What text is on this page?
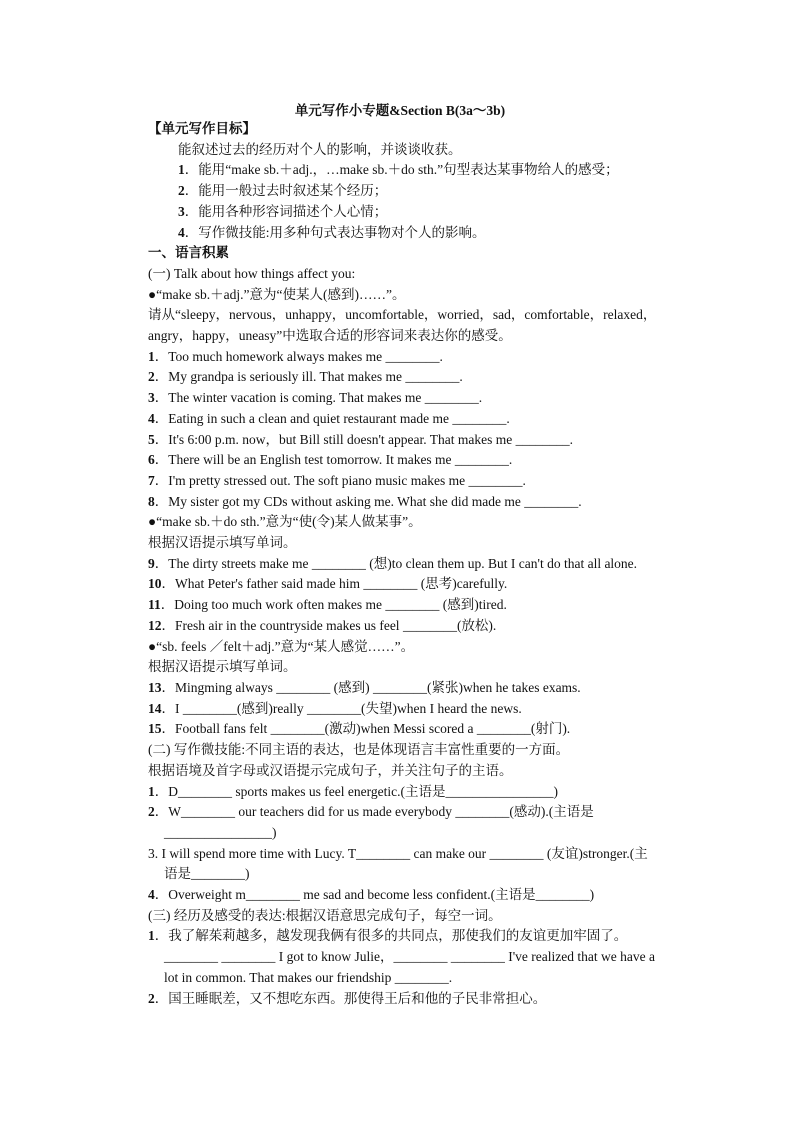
单元写作小专题&Section B(3a～3b)
【单元写作目标】
能叙述过去的经历对个人的影响，并谈谈收获。
1．能用“make sb.＋adj.，…make sb.＋do sth.”句型表达某事物给人的感受；
2．能用一般过去时叙述某个经历；
3．能用各种形容词描述个人心情；
4．写作微技能:用多种句式表达事物对个人的影响。
一、语言积累
(一) Talk about how things affect you:
●“make sb.＋adj.”意为“使某人(感到)……”。
请从“sleepy，nervous，unhappy，uncomfortable，worried，sad，comfortable，relaxed，
angry，happy，uneasy”中选取合适的形容词来表达你的感受。
1．Too much homework always makes me ________.
2．My grandpa is seriously ill. That makes me ________.
3．The winter vacation is coming. That makes me ________.
4．Eating in such a clean and quiet restaurant made me ________.
5．It's 6:00 p.m. now，but Bill still doesn't appear. That makes me ________.
6．There will be an English test tomorrow. It makes me ________.
7．I'm pretty stressed out. The soft piano music makes me ________.
8．My sister got my CDs without asking me. What she did made me ________.
●“make sb.＋do sth.”意为“使(令)某人做某事”。
根据汉语提示填写单词。
9．The dirty streets make me ________ (想)to clean them up. But I can't do that all alone.
10．What Peter's father said made him ________ (思考)carefully.
11．Doing too much work often makes me ________ (感到)tired.
12．Fresh air in the countryside makes us feel ________(放松).
●“sb. feels ／felt＋adj.”意为“某人感觉……”。
根据汉语提示填写单词。
13．Mingming always ________ (感到) ________(紧张)when he takes exams.
14．I ________(感到)really ________(失望)when I heard the news.
15．Football fans felt ________(激动)when Messi scored a ________(射门).
(二) 写作微技能:不同主语的表达，也是体现语言丰富性重要的一方面。
根据语境及首字母或汉语提示完成句子，并关注句子的主语。
1．D________ sports makes us feel energetic.(主语是________________)
2．W________ our teachers did for us made everybody ________(感动).(主语是
________________)
3. I will spend more time with Lucy. T________ can make our ________ (友谊)stronger.(主
语是________)
4．Overweight m________ me sad and become less confident.(主语是________)
(三) 经历及感受的表达:根据汉语意思完成句子，每空一词。
1．我了解茱莉越多，越发现我俩有很多的共同点，那使我们的友谊更加牢固了。
________ ________ I got to know Julie，________ ________ I've realized that we have a
lot in common. That makes our friendship ________.
2．国王睡眠差，又不想吃东西。那使得王后和他的子民非常担心。
